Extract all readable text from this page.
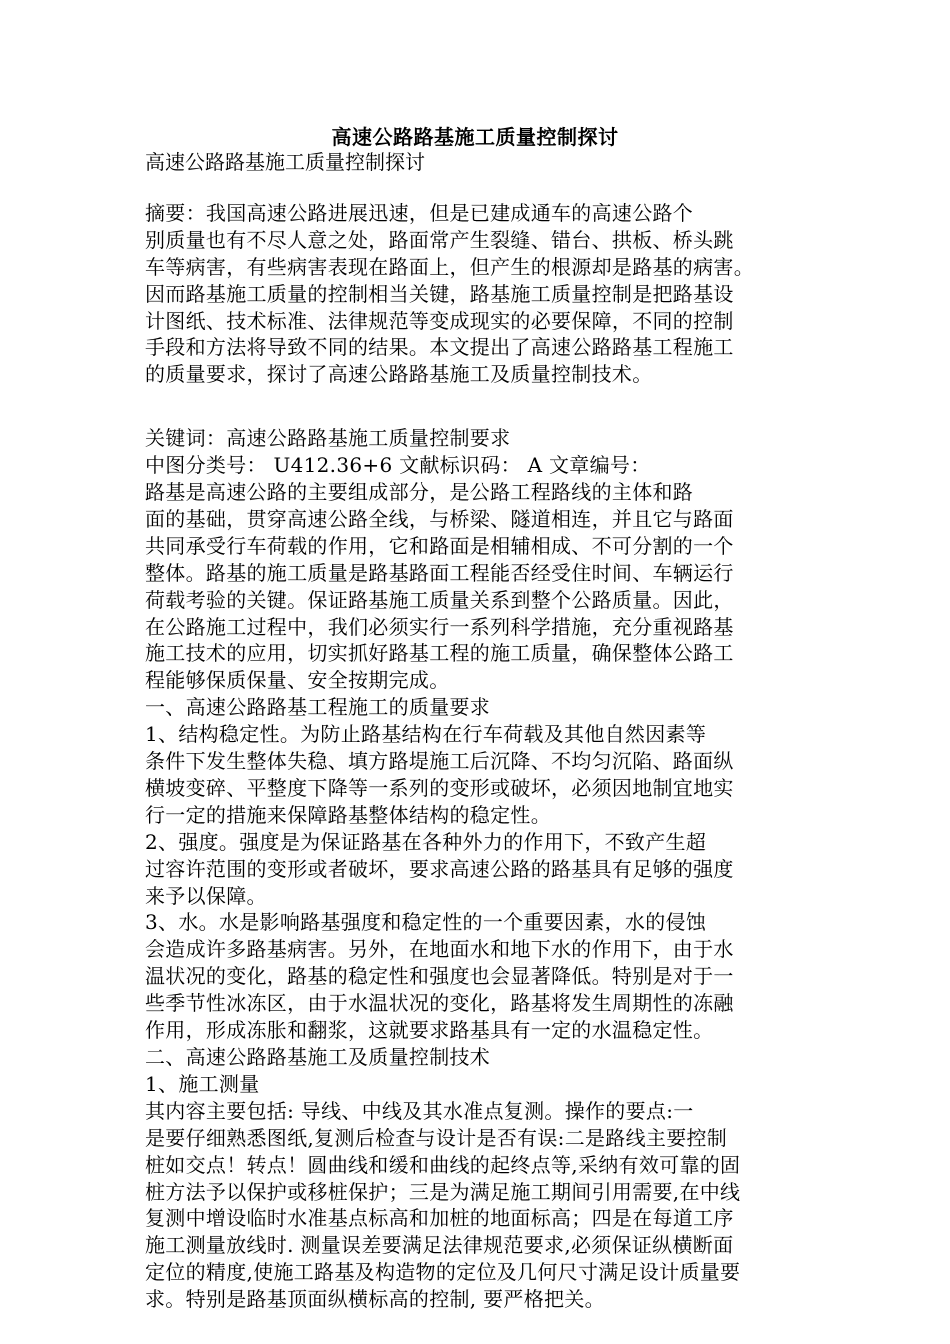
高速公路路基施工质量控制探讨
高速公路路基施工质量控制探讨
摘要：我国高速公路进展迅速，但是已建成通车的高速公路个
别质量也有不尽人意之处，路面常产生裂缝、错台、拱板、桥头跳
车等病害，有些病害表现在路面上，但产生的根源却是路基的病害。
因而路基施工质量的控制相当关键，路基施工质量控制是把路基设
计图纸、技术标准、法律规范等变成现实的必要保障，不同的控制
手段和方法将导致不同的结果。本文提出了高速公路路基工程施工
的质量要求，探讨了高速公路路基施工及质量控制技术。
关键词：高速公路路基施工质量控制要求
中图分类号： U412.36+6 文献标识码： A 文章编号：
路基是高速公路的主要组成部分，是公路工程路线的主体和路
面的基础，贯穿高速公路全线，与桥梁、隧道相连，并且它与路面
共同承受行车荷载的作用，它和路面是相辅相成、不可分割的一个
整体。路基的施工质量是路基路面工程能否经受住时间、车辆运行
荷载考验的关键。保证路基施工质量关系到整个公路质量。因此，
在公路施工过程中，我们必须实行一系列科学措施，充分重视路基
施工技术的应用，切实抓好路基工程的施工质量，确保整体公路工
程能够保质保量、安全按期完成。
一、高速公路路基工程施工的质量要求
1、结构稳定性。为防止路基结构在行车荷载及其他自然因素等
条件下发生整体失稳、填方路堤施工后沉降、不均匀沉陷、路面纵
横坡变碎、平整度下降等一系列的变形或破坏，必须因地制宜地实
行一定的措施来保障路基整体结构的稳定性。
2、强度。强度是为保证路基在各种外力的作用下，不致产生超
过容许范围的变形或者破坏，要求高速公路的路基具有足够的强度
来予以保障。
3、水。水是影响路基强度和稳定性的一个重要因素，水的侵蚀
会造成许多路基病害。另外，在地面水和地下水的作用下，由于水
温状况的变化，路基的稳定性和强度也会显著降低。特别是对于一
些季节性冰冻区，由于水温状况的变化，路基将发生周期性的冻融
作用，形成冻胀和翻浆，这就要求路基具有一定的水温稳定性。
二、高速公路路基施工及质量控制技术
1、施工测量
其内容主要包括: 导线、中线及其水准点复测。操作的要点:一
是要仔细熟悉图纸,复测后检查与设计是否有误:二是路线主要控制
桩如交点！转点！圆曲线和缓和曲线的起终点等,采纳有效可靠的固
桩方法予以保护或移桩保护；三是为满足施工期间引用需要,在中线
复测中增设临时水准基点标高和加桩的地面标高；四是在每道工序
施工测量放线时. 测量误差要满足法律规范要求,必须保证纵横断面
定位的精度,使施工路基及构造物的定位及几何尺寸满足设计质量要
求。特别是路基顶面纵横标高的控制, 要严格把关。
